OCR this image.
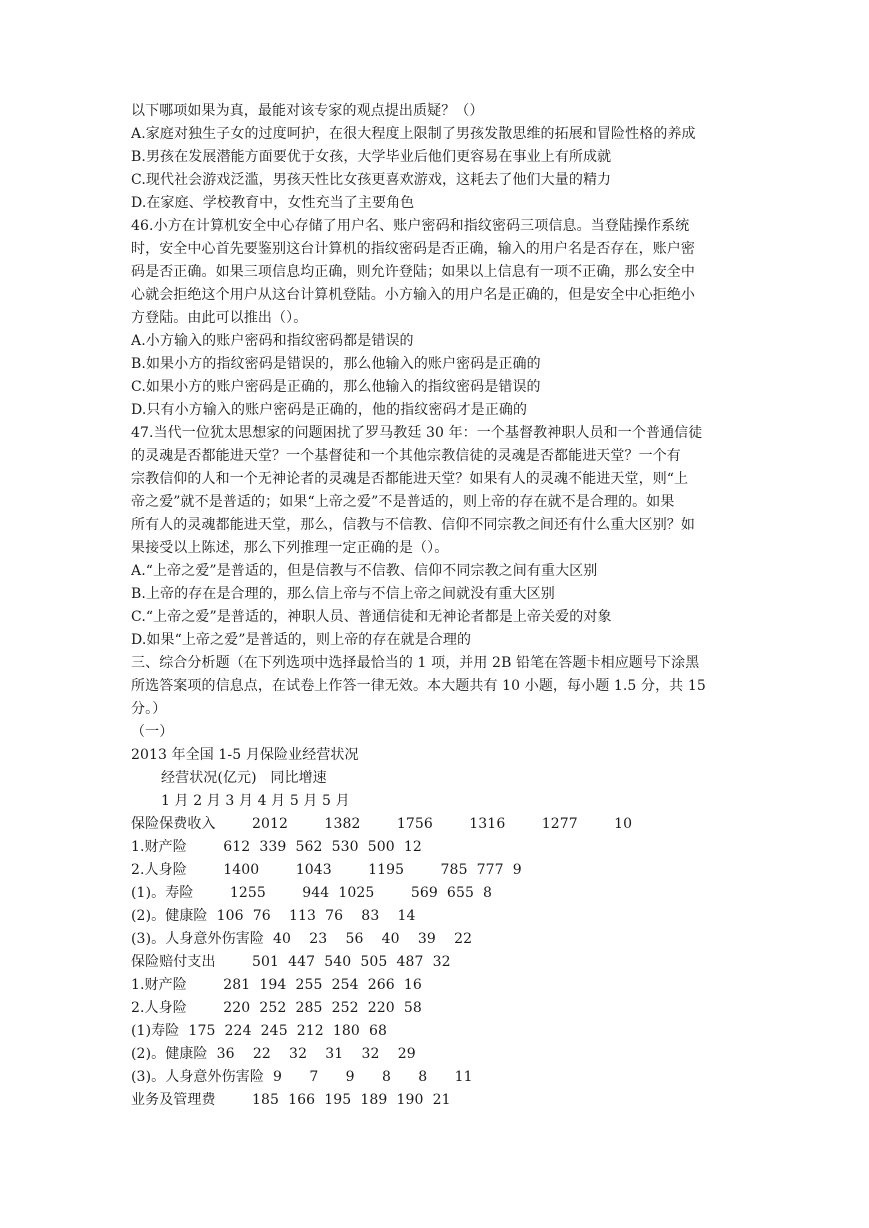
以下哪项如果为真，最能对该专家的观点提出质疑？（）
A.家庭对独生子女的过度呵护，在很大程度上限制了男孩发散思维的拓展和冒险性格的养成
B.男孩在发展潜能方面要优于女孩，大学毕业后他们更容易在事业上有所成就
C.现代社会游戏泛滥，男孩天性比女孩更喜欢游戏，这耗去了他们大量的精力
D.在家庭、学校教育中，女性充当了主要角色
46.小方在计算机安全中心存储了用户名、账户密码和指纹密码三项信息。当登陆操作系统
时，安全中心首先要鉴别这台计算机的指纹密码是否正确，输入的用户名是否存在，账户密
码是否正确。如果三项信息均正确，则允许登陆；如果以上信息有一项不正确，那么安全中
心就会拒绝这个用户从这台计算机登陆。小方输入的用户名是正确的，但是安全中心拒绝小
方登陆。由此可以推出（）。
A.小方输入的账户密码和指纹密码都是错误的
B.如果小方的指纹密码是错误的，那么他输入的账户密码是正确的
C.如果小方的账户密码是正确的，那么他输入的指纹密码是错误的
D.只有小方输入的账户密码是正确的，他的指纹密码才是正确的
47.当代一位犹太思想家的问题困扰了罗马教廷 30 年：一个基督教神职人员和一个普通信徒
的灵魂是否都能进天堂？一个基督徒和一个其他宗教信徒的灵魂是否都能进天堂？一个有
宗教信仰的人和一个无神论者的灵魂是否都能进天堂？如果有人的灵魂不能进天堂，则“上
帝之爱”就不是普适的；如果“上帝之爱”不是普适的，则上帝的存在就不是合理的。如果
所有人的灵魂都能进天堂，那么，信教与不信教、信仰不同宗教之间还有什么重大区别？如
果接受以上陈述，那么下列推理一定正确的是（）。
A.“上帝之爱”是普适的，但是信教与不信教、信仰不同宗教之间有重大区别
B.上帝的存在是合理的，那么信上帝与不信上帝之间就没有重大区别
C.“上帝之爱”是普适的，神职人员、普通信徒和无神论者都是上帝关爱的对象
D.如果“上帝之爱”是普适的，则上帝的存在就是合理的
三、综合分析题（在下列选项中选择最恰当的 1 项，并用 2B 铅笔在答题卡相应题号下涂黑
所选答案项的信息点，在试卷上作答一律无效。本大题共有 10 小题，每小题 1.5 分，共 15
分。）
（一）
2013 年全国 1-5 月保险业经营状况
经营状况(亿元)   同比增速
1 月 2 月 3 月 4 月 5 月 5 月
保险保费收入        2012        1382        1756        1316        1277        10
1.财产险        612  339  562  530  500  12
2.人身险        1400        1043        1195        785  777  9
(1)。寿险        1255        944  1025        569  655  8
(2)。健康险  106  76    113  76    83    14
(3)。人身意外伤害险  40    23    56    40    39    22
保险赔付支出        501  447  540  505  487  32
1.财产险        281  194  255  254  266  16
2.人身险        220  252  285  252  220  58
(1)寿险  175  224  245  212  180  68
(2)。健康险  36    22    32    31    32    29
(3)。人身意外伤害险  9      7      9      8      8      11
业务及管理费        185  166  195  189  190  21
